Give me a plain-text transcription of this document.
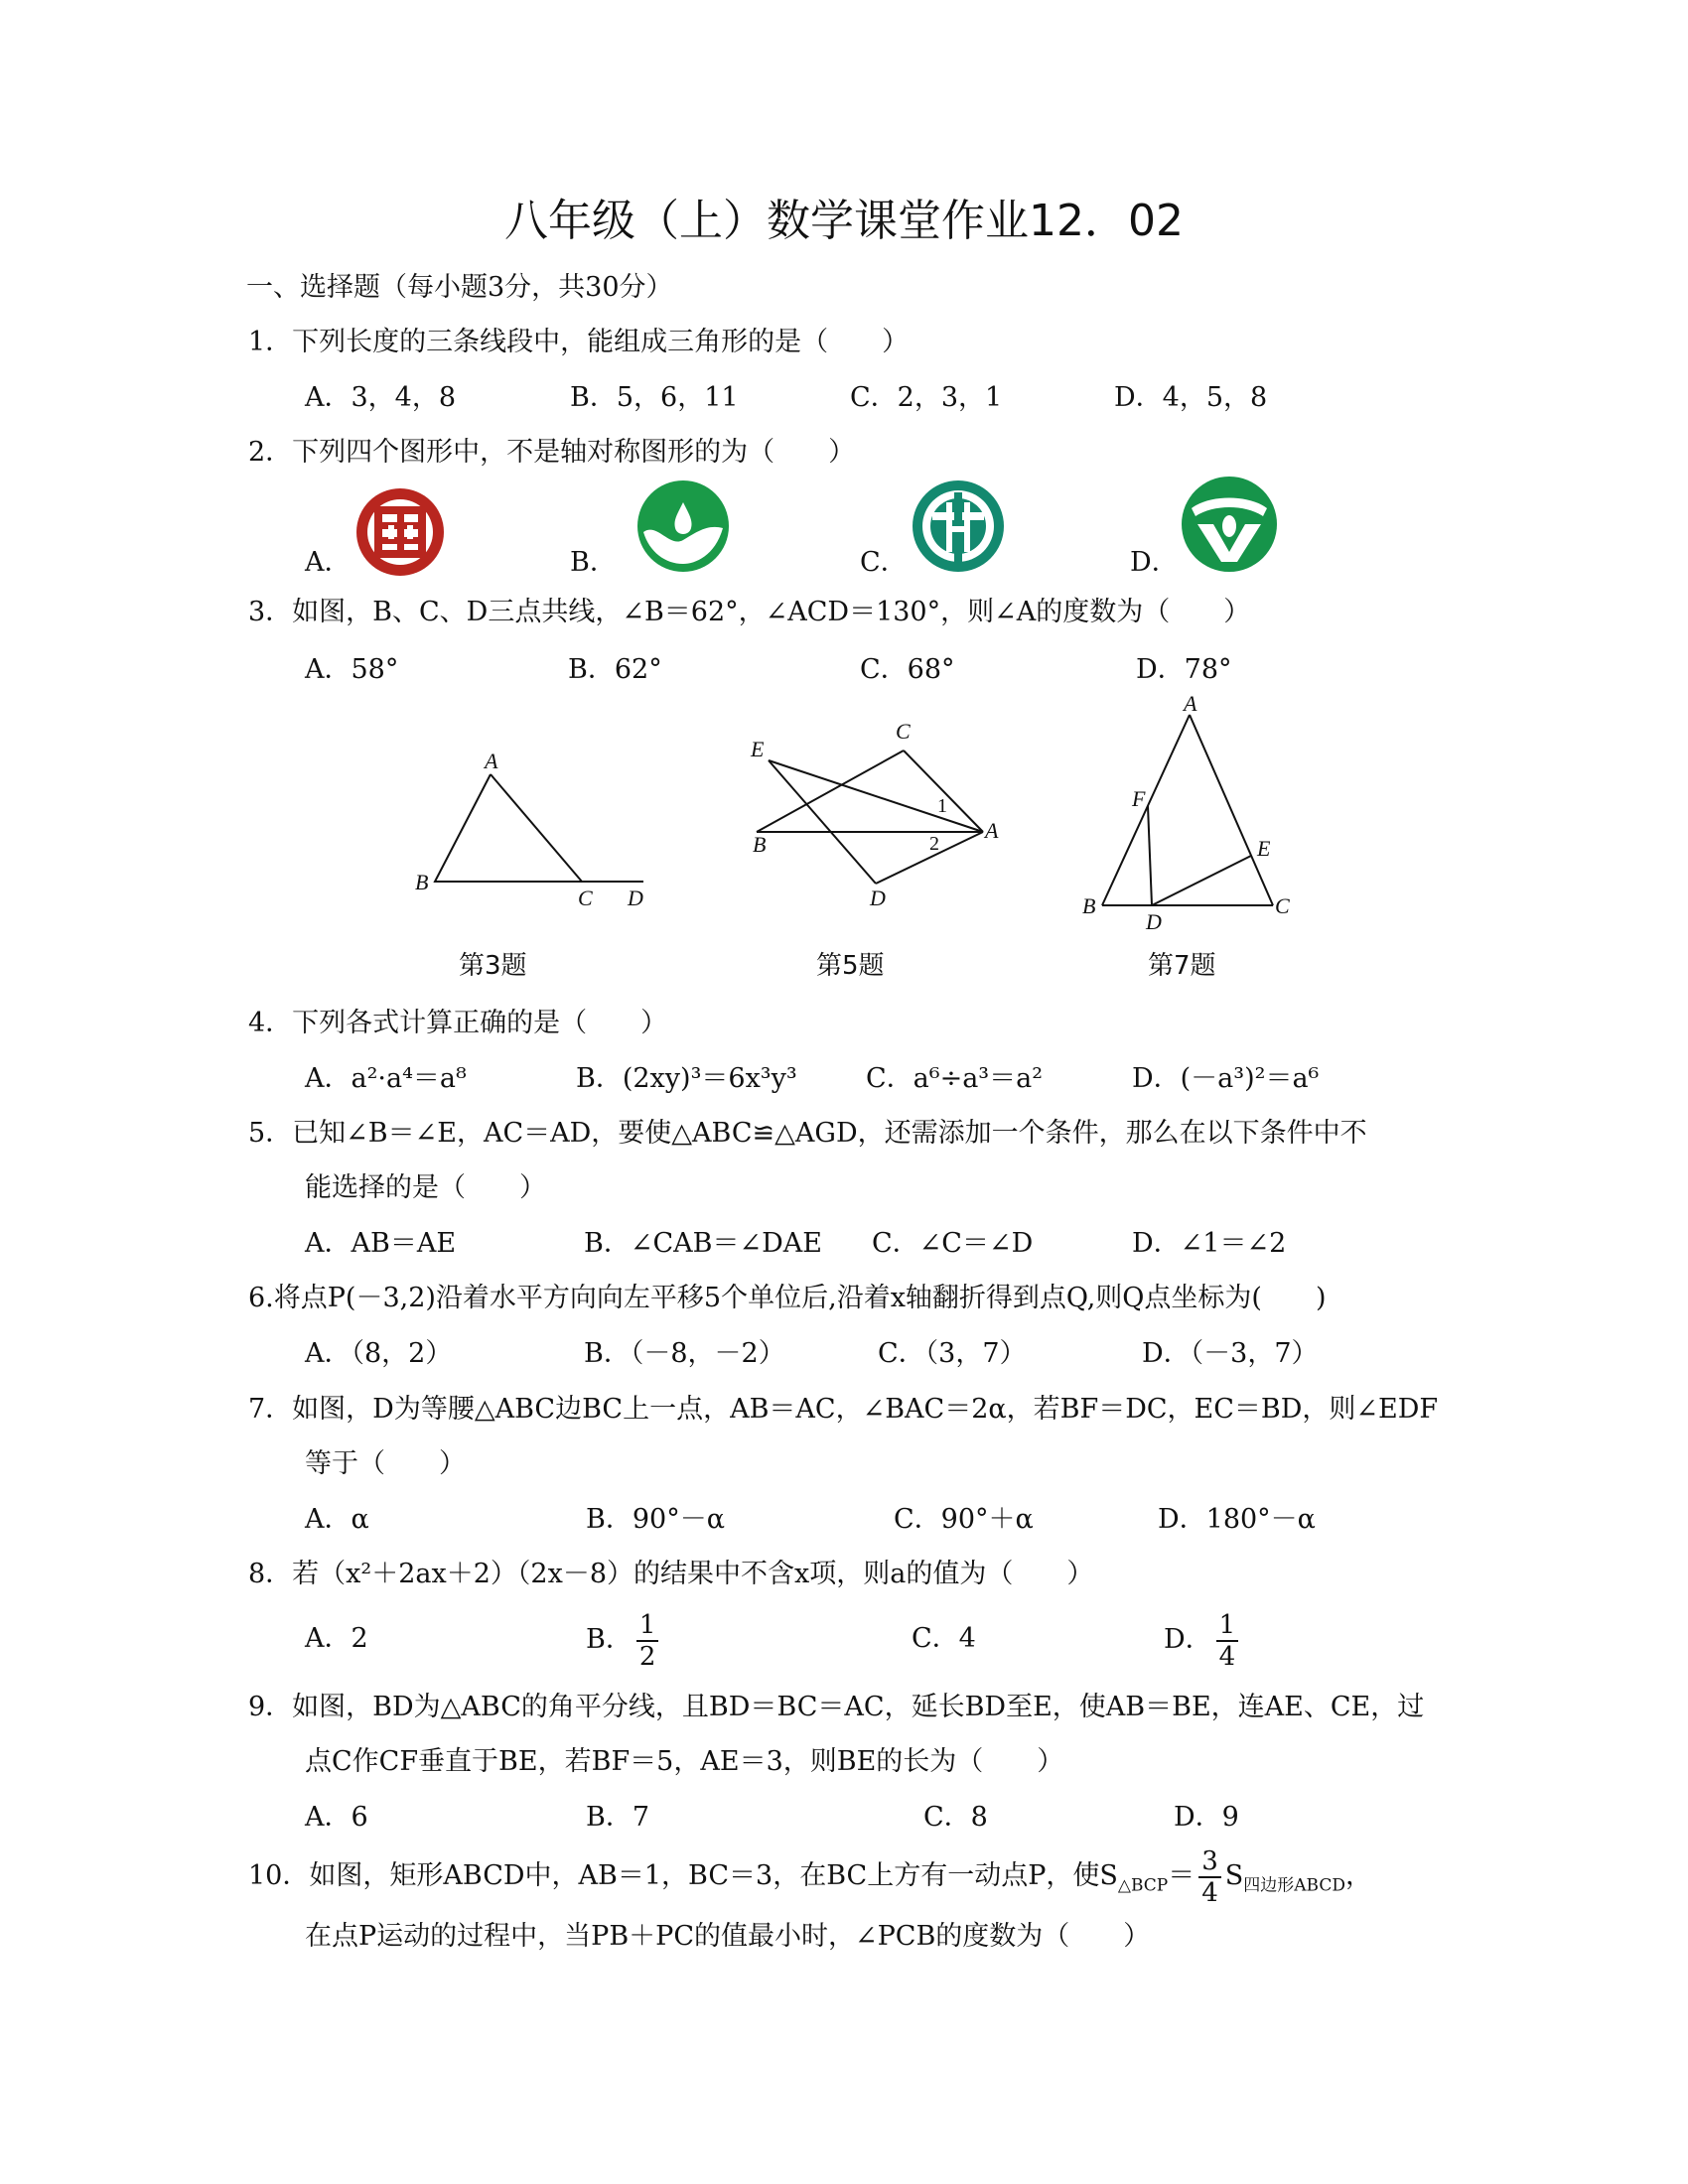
八年级（上）数学课堂作业12．02
一、选择题（每小题3分，共30分）
1．下列长度的三条线段中，能组成三角形的是（　　）
A．3，4，8	B．5，6，11	C．2，3，1	D．4，5，8
2．下列四个图形中，不是轴对称图形的为（　　）
A．	B．	C．	D．
3．如图，B、C、D三点共线，∠B＝62°，∠ACD＝130°，则∠A的度数为（　　）
A．58°	B．62°	C．68°	D．78°
A
B
C D
C
E
B
A
D
1
2
A
F
E
B
D
C
第3题	第5题	第7题
4．下列各式计算正确的是（　　）
A．a²·a⁴＝a⁸	B．(2xy)³＝6x³y³	C．a⁶÷a³＝a²	D．(－a³)²＝a⁶
5．已知∠B＝∠E，AC＝AD，要使△ABC≌△AGD，还需添加一个条件，那么在以下条件中不
能选择的是（　　）
A．AB＝AE	B．∠CAB＝∠DAE C．∠C＝∠D	D．∠1＝∠2
6.将点P(－3,2)沿着水平方向向左平移5个单位后,沿着x轴翻折得到点Q,则Q点坐标为(　　)
A．（8，2）	B．（－8，－2）	C．（3，7）	D．（－3，7）
7．如图，D为等腰△ABC边BC上一点，AB＝AC，∠BAC＝2α，若BF＝DC，EC＝BD，则∠EDF
等于（　　）
A．α	B．90°－α	C．90°＋α	D．180°－α
8．若（x²＋2ax＋2）（2x－8）的结果中不含x项，则a的值为（　　）
A．2	B． $\frac{1}{2}$	C．4	D． $\frac{1}{4}$
9．如图，BD为△ABC的角平分线，且BD＝BC＝AC，延长BD至E，使AB＝BE，连AE、CE，过
点C作CF垂直于BE，若BF＝5，AE＝3，则BE的长为（　　）
A．6	B．7	C．8	D．9
10．如图，矩形ABCD中，AB＝1，BC＝3，在BC上方有一动点P，使$S_{\triangle BCP}= \frac{3}{4} S_{四边形ABCD}$，
在点P运动的过程中，当PB＋PC的值最小时，∠PCB的度数为（　　）
